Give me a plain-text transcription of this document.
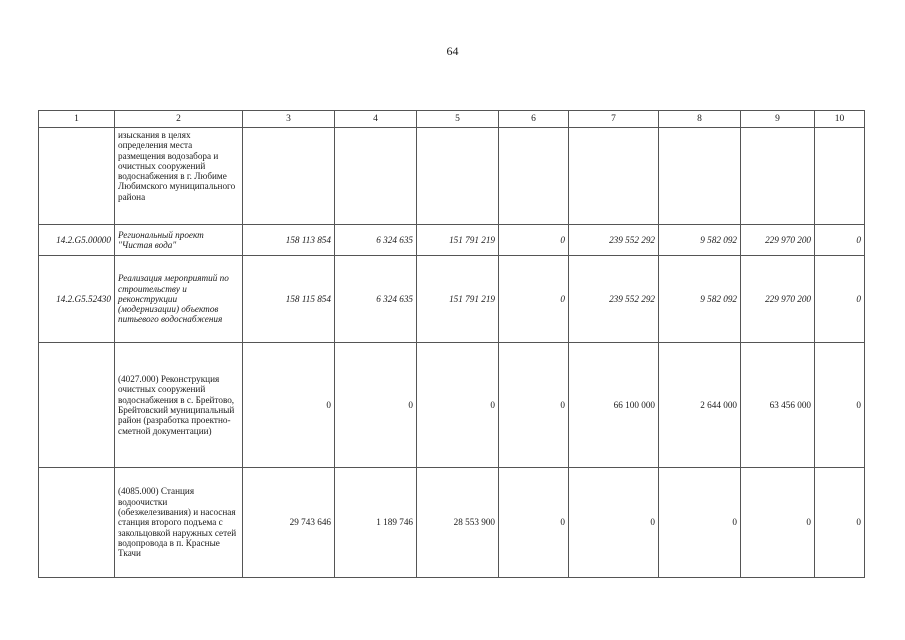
64
1	2	3	4	5	6	7	8	9	10
	изыскания в целях определения места размещения водозабора и очистных сооружений водоснабжения в г. Любиме Любимского муниципального района								
14.2.G5.00000	Региональный проект "Чистая вода"	158 113 854	6 324 635	151 791 219	0	239 552 292	9 582 092	229 970 200	0
14.2.G5.52430	Реализация мероприятий по строительству и реконструкции (модернизации) объектов питьевого водоснабжения	158 115 854	6 324 635	151 791 219	0	239 552 292	9 582 092	229 970 200	0
	(4027.000) Реконструкция очистных сооружений водоснабжения в с. Брейтово, Брейтовский муниципальный район (разработка проектно-сметной документации)	0	0	0	0	66 100 000	2 644 000	63 456 000	0
	(4085.000) Станция водоочистки (обезжелезивания) и насосная станция второго подъема с закольцовкой наружных сетей водопровода в п. Красные Ткачи	29 743 646	1 189 746	28 553 900	0	0	0	0	0
